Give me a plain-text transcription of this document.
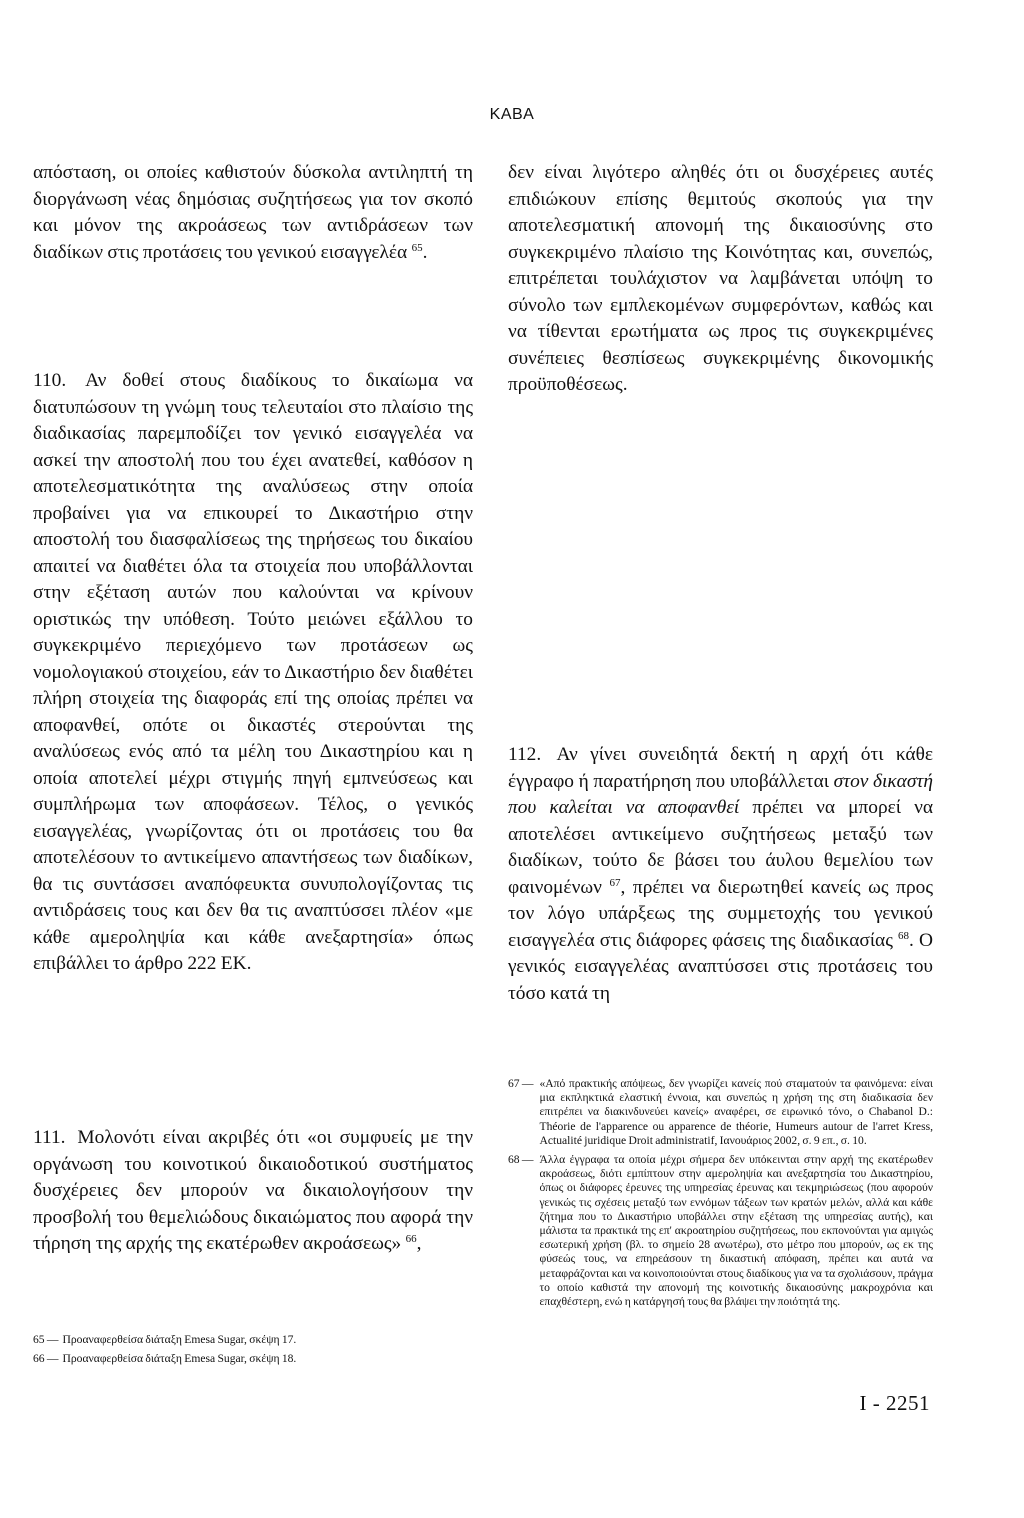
KABA

απόσταση, οι οποίες καθιστούν δύσκολα αντιληπτή τη διοργάνωση νέας δημόσιας συζητήσεως για τον σκοπό και μόνον της ακροάσεως των αντιδράσεων των διαδίκων στις προτάσεις του γενικού εισαγγελέα $^{65}$.

110. Αν δοθεί στους διαδίκους το δικαίωμα να διατυπώσουν τη γνώμη τους τελευταίοι στο πλαίσιο της διαδικασίας παρεμποδίζει τον γενικό εισαγγελέα να ασκεί την αποστολή που του έχει ανατεθεί, καθόσον η αποτελεσματικότητα της αναλύσεως στην οποία προβαίνει για να επικουρεί το Δικαστήριο στην αποστολή του διασφαλίσεως της τηρήσεως του δικαίου απαιτεί να διαθέτει όλα τα στοιχεία που υποβάλλονται στην εξέταση αυτών που καλούνται να κρίνουν οριστικώς την υπόθεση. Τούτο μειώνει εξάλλου το συγκεκριμένο περιεχόμενο των προτάσεων ως νομολογιακού στοιχείου, εάν το Δικαστήριο δεν διαθέτει πλήρη στοιχεία της διαφοράς επί της οποίας πρέπει να αποφανθεί, οπότε οι δικαστές στερούνται της αναλύσεως ενός από τα μέλη του Δικαστηρίου και η οποία αποτελεί μέχρι στιγμής πηγή εμπνεύσεως και συμπλήρωμα των αποφάσεων. Τέλος, ο γενικός εισαγγελέας, γνωρίζοντας ότι οι προτάσεις του θα αποτελέσουν το αντικείμενο απαντήσεως των διαδίκων, θα τις συντάσσει αναπόφευκτα συνυπολογίζοντας τις αντιδράσεις τους και δεν θα τις αναπτύσσει πλέον «με κάθε αμεροληψία και κάθε ανεξαρτησία» όπως επιβάλλει το άρθρο 222 ΕΚ.

111. Μολονότι είναι ακριβές ότι «οι συμφυείς με την οργάνωση του κοινοτικού δικαιοδοτικού συστήματος δυσχέρειες δεν μπορούν να δικαιολογήσουν την προσβολή του θεμελιώδους δικαιώματος που αφορά την τήρηση της αρχής της εκατέρωθεν ακροάσεως» $^{66}$,

65 — Προαναφερθείσα διάταξη Emesa Sugar, σκέψη 17.
66 — Προαναφερθείσα διάταξη Emesa Sugar, σκέψη 18.

δεν είναι λιγότερο αληθές ότι οι δυσχέρειες αυτές επιδιώκουν επίσης θεμιτούς σκοπούς για την αποτελεσματική απονομή της δικαιοσύνης στο συγκεκριμένο πλαίσιο της Κοινότητας και, συνεπώς, επιτρέπεται τουλάχιστον να λαμβάνεται υπόψη το σύνολο των εμπλεκομένων συμφερόντων, καθώς και να τίθενται ερωτήματα ως προς τις συγκεκριμένες συνέπειες θεσπίσεως συγκεκριμένης δικονομικής προϋποθέσεως.

112. Αν γίνει συνειδητά δεκτή η αρχή ότι κάθε έγγραφο ή παρατήρηση που υποβάλλεται στον δικαστή που καλείται να αποφανθεί πρέπει να μπορεί να αποτελέσει αντικείμενο συζητήσεως μεταξύ των διαδίκων, τούτο δε βάσει του άυλου θεμελίου των φαινομένων $^{67}$, πρέπει να διερωτηθεί κανείς ως προς τον λόγο υπάρξεως της συμμετοχής του γενικού εισαγγελέα στις διάφορες φάσεις της διαδικασίας $^{68}$. Ο γενικός εισαγγελέας αναπτύσσει στις προτάσεις του τόσο κατά τη

67 — «Από πρακτικής απόψεως, δεν γνωρίζει κανείς πού σταματούν τα φαινόμενα: είναι μια εκπληκτικά ελαστική έννοια, και συνεπώς η χρήση της στη διαδικασία δεν επιτρέπει να διακινδυνεύει κανείς» αναφέρει, σε ειρωνικό τόνο, ο Chabanol D.: Théorie de l'apparence ou apparence de théorie, Humeurs autour de l'arret Kress, Actualité juridique Droit administratif, Ιανουάριος 2002, σ. 9 επ., σ. 10.
68 — Άλλα έγγραφα τα οποία μέχρι σήμερα δεν υπόκεινται στην αρχή της εκατέρωθεν ακροάσεως, διότι εμπίπτουν στην αμεροληψία και ανεξαρτησία του Δικαστηρίου, όπως οι διάφορες έρευνες της υπηρεσίας έρευνας και τεκμηριώσεως (που αφορούν γενικώς τις σχέσεις μεταξύ των εννόμων τάξεων των κρατών μελών, αλλά και κάθε ζήτημα που το Δικαστήριο υποβάλλει στην εξέταση της υπηρεσίας αυτής), και μάλιστα τα πρακτικά της επ' ακροατηρίου συζητήσεως, που εκπονούνται για αμιγώς εσωτερική χρήση (βλ. το σημείο 28 ανωτέρω), στο μέτρο που μπορούν, ως εκ της φύσεώς τους, να επηρεάσουν τη δικαστική απόφαση, πρέπει και αυτά να μεταφράζονται και να κοινοποιούνται στους διαδίκους για να τα σχολιάσουν, πράγμα το οποίο καθιστά την απονομή της κοινοτικής δικαιοσύνης μακροχρόνια και επαχθέστερη, ενώ η κατάργησή τους θα βλάψει την ποιότητά της.
I - 2251
